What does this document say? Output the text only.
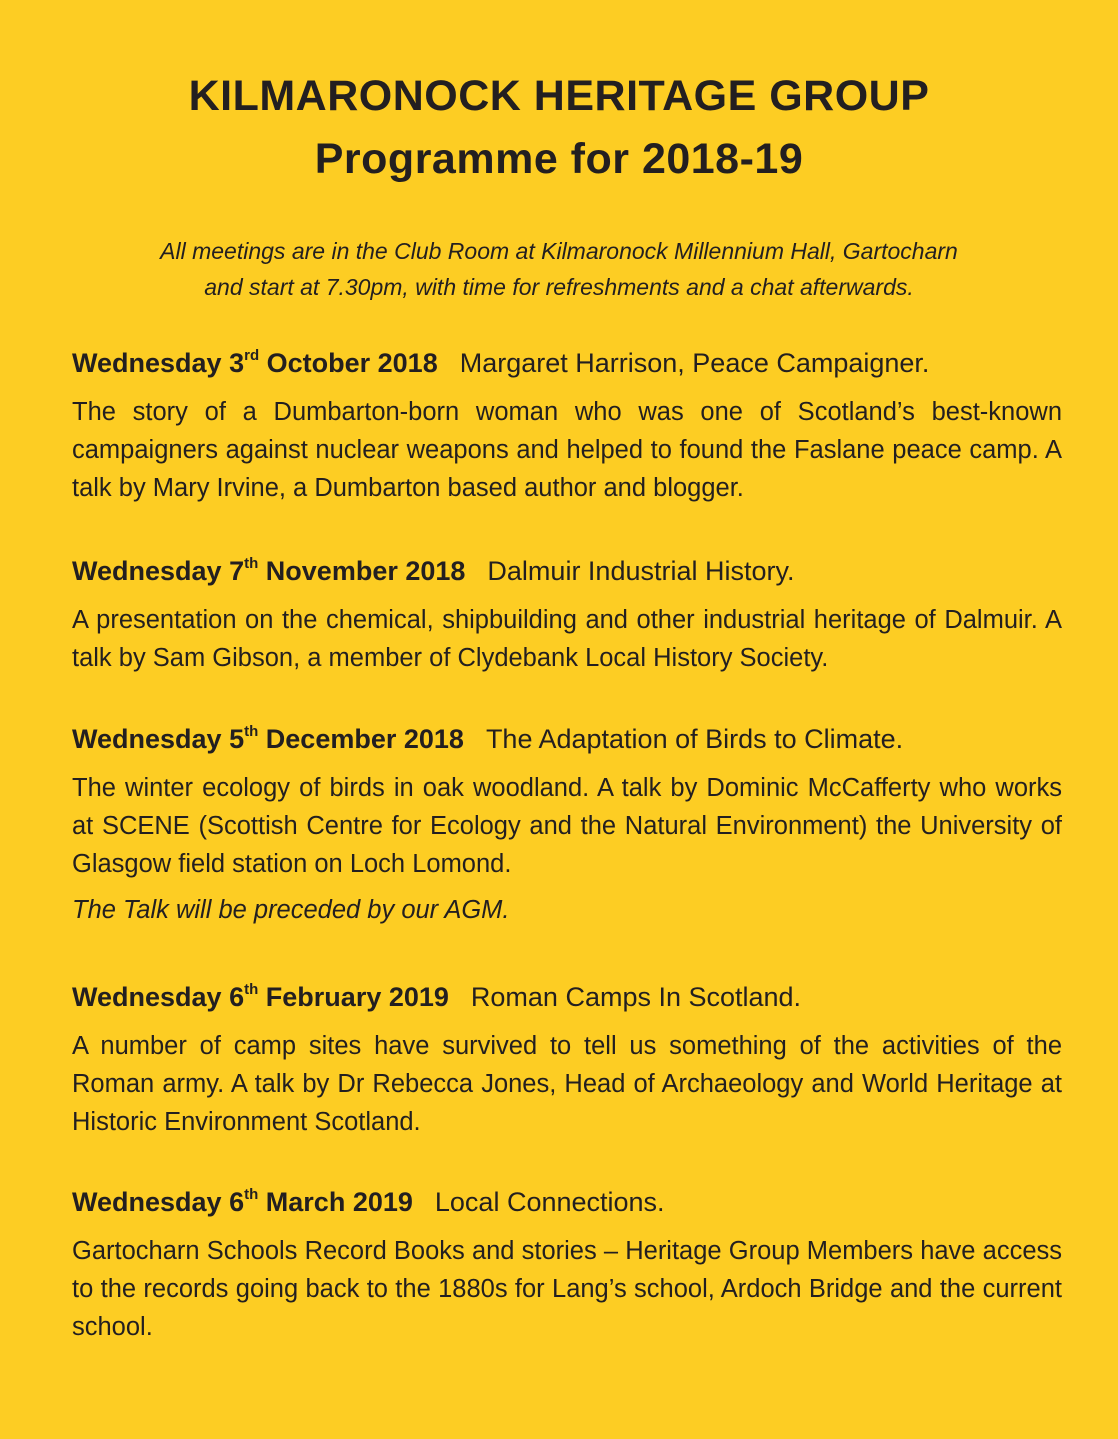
KILMARONOCK HERITAGE GROUP
Programme for 2018-19
All meetings are in the Club Room at Kilmaronock Millennium Hall, Gartocharn
and start at 7.30pm, with time for refreshments and a chat afterwards.

Wednesday 3rd October 2018 Margaret Harrison, Peace Campaigner.

The story of a Dumbarton-born woman who was one of Scotland’s best-known campaigners against nuclear weapons and helped to found the Faslane peace camp. A talk by Mary Irvine, a Dumbarton based author and blogger.

Wednesday 7th November 2018 Dalmuir Industrial History.

A presentation on the chemical, shipbuilding and other industrial heritage of Dalmuir. A talk by Sam Gibson, a member of Clydebank Local History Society.

Wednesday 5th December 2018 The Adaptation of Birds to Climate.

The winter ecology of birds in oak woodland. A talk by Dominic McCafferty who works at SCENE (Scottish Centre for Ecology and the Natural Environment) the University of Glasgow field station on Loch Lomond.

The Talk will be preceded by our AGM.

Wednesday 6th February 2019 Roman Camps In Scotland.

A number of camp sites have survived to tell us something of the activities of the Roman army. A talk by Dr Rebecca Jones, Head of Archaeology and World Heritage at Historic Environment Scotland.

Wednesday 6th March 2019 Local Connections.

Gartocharn Schools Record Books and stories – Heritage Group Members have access to the records going back to the 1880s for Lang’s school, Ardoch Bridge and the current school.
